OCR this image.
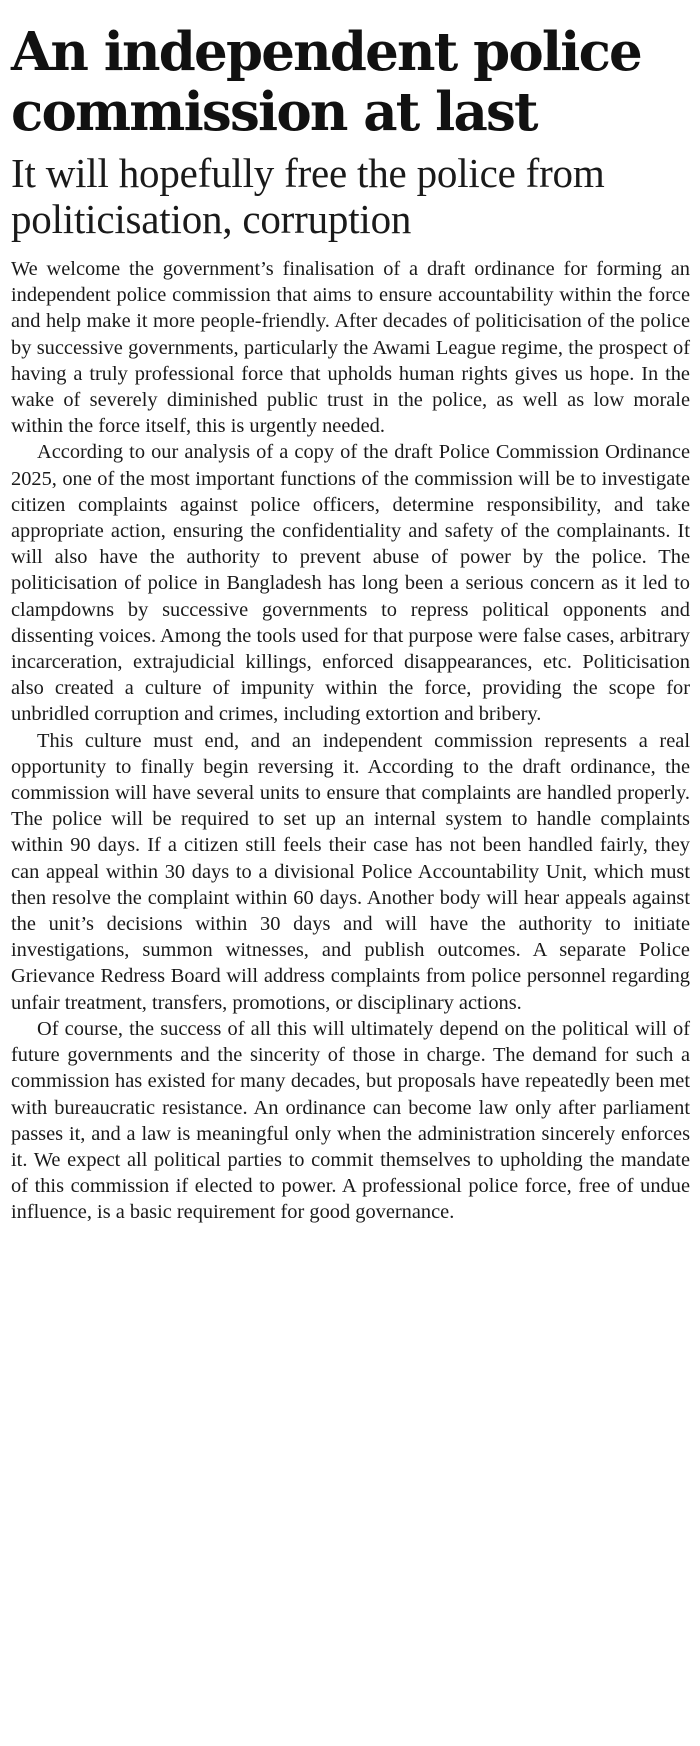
An independent police commission at last
It will hopefully free the police from politicisation, corruption

We welcome the government’s finalisation of a draft ordinance for forming an independent police commission that aims to ensure accountability within the force and help make it more people-friendly. After decades of politicisation of the police by successive governments, particularly the Awami League regime, the prospect of having a truly professional force that upholds human rights gives us hope. In the wake of severely diminished public trust in the police, as well as low morale within the force itself, this is urgently needed.

According to our analysis of a copy of the draft Police Commission Ordinance 2025, one of the most important functions of the commission will be to investigate citizen complaints against police officers, determine responsibility, and take appropriate action, ensuring the confidentiality and safety of the complainants. It will also have the authority to prevent abuse of power by the police. The politicisation of police in Bangladesh has long been a serious concern as it led to clampdowns by successive governments to repress political opponents and dissenting voices. Among the tools used for that purpose were false cases, arbitrary incarceration, extrajudicial killings, enforced disappearances, etc. Politicisation also created a culture of impunity within the force, providing the scope for unbridled corruption and crimes, including extortion and bribery.

This culture must end, and an independent commission represents a real opportunity to finally begin reversing it. According to the draft ordinance, the commission will have several units to ensure that complaints are handled properly. The police will be required to set up an internal system to handle complaints within 90 days. If a citizen still feels their case has not been handled fairly, they can appeal within 30 days to a divisional Police Accountability Unit, which must then resolve the complaint within 60 days. Another body will hear appeals against the unit’s decisions within 30 days and will have the authority to initiate investigations, summon witnesses, and publish outcomes. A separate Police Grievance Redress Board will address complaints from police personnel regarding unfair treatment, transfers, promotions, or disciplinary actions.

Of course, the success of all this will ultimately depend on the political will of future governments and the sincerity of those in charge. The demand for such a commission has existed for many decades, but proposals have repeatedly been met with bureaucratic resistance. An ordinance can become law only after parliament passes it, and a law is meaningful only when the administration sincerely enforces it. We expect all political parties to commit themselves to upholding the mandate of this commission if elected to power. A professional police force, free of undue influence, is a basic requirement for good governance.
